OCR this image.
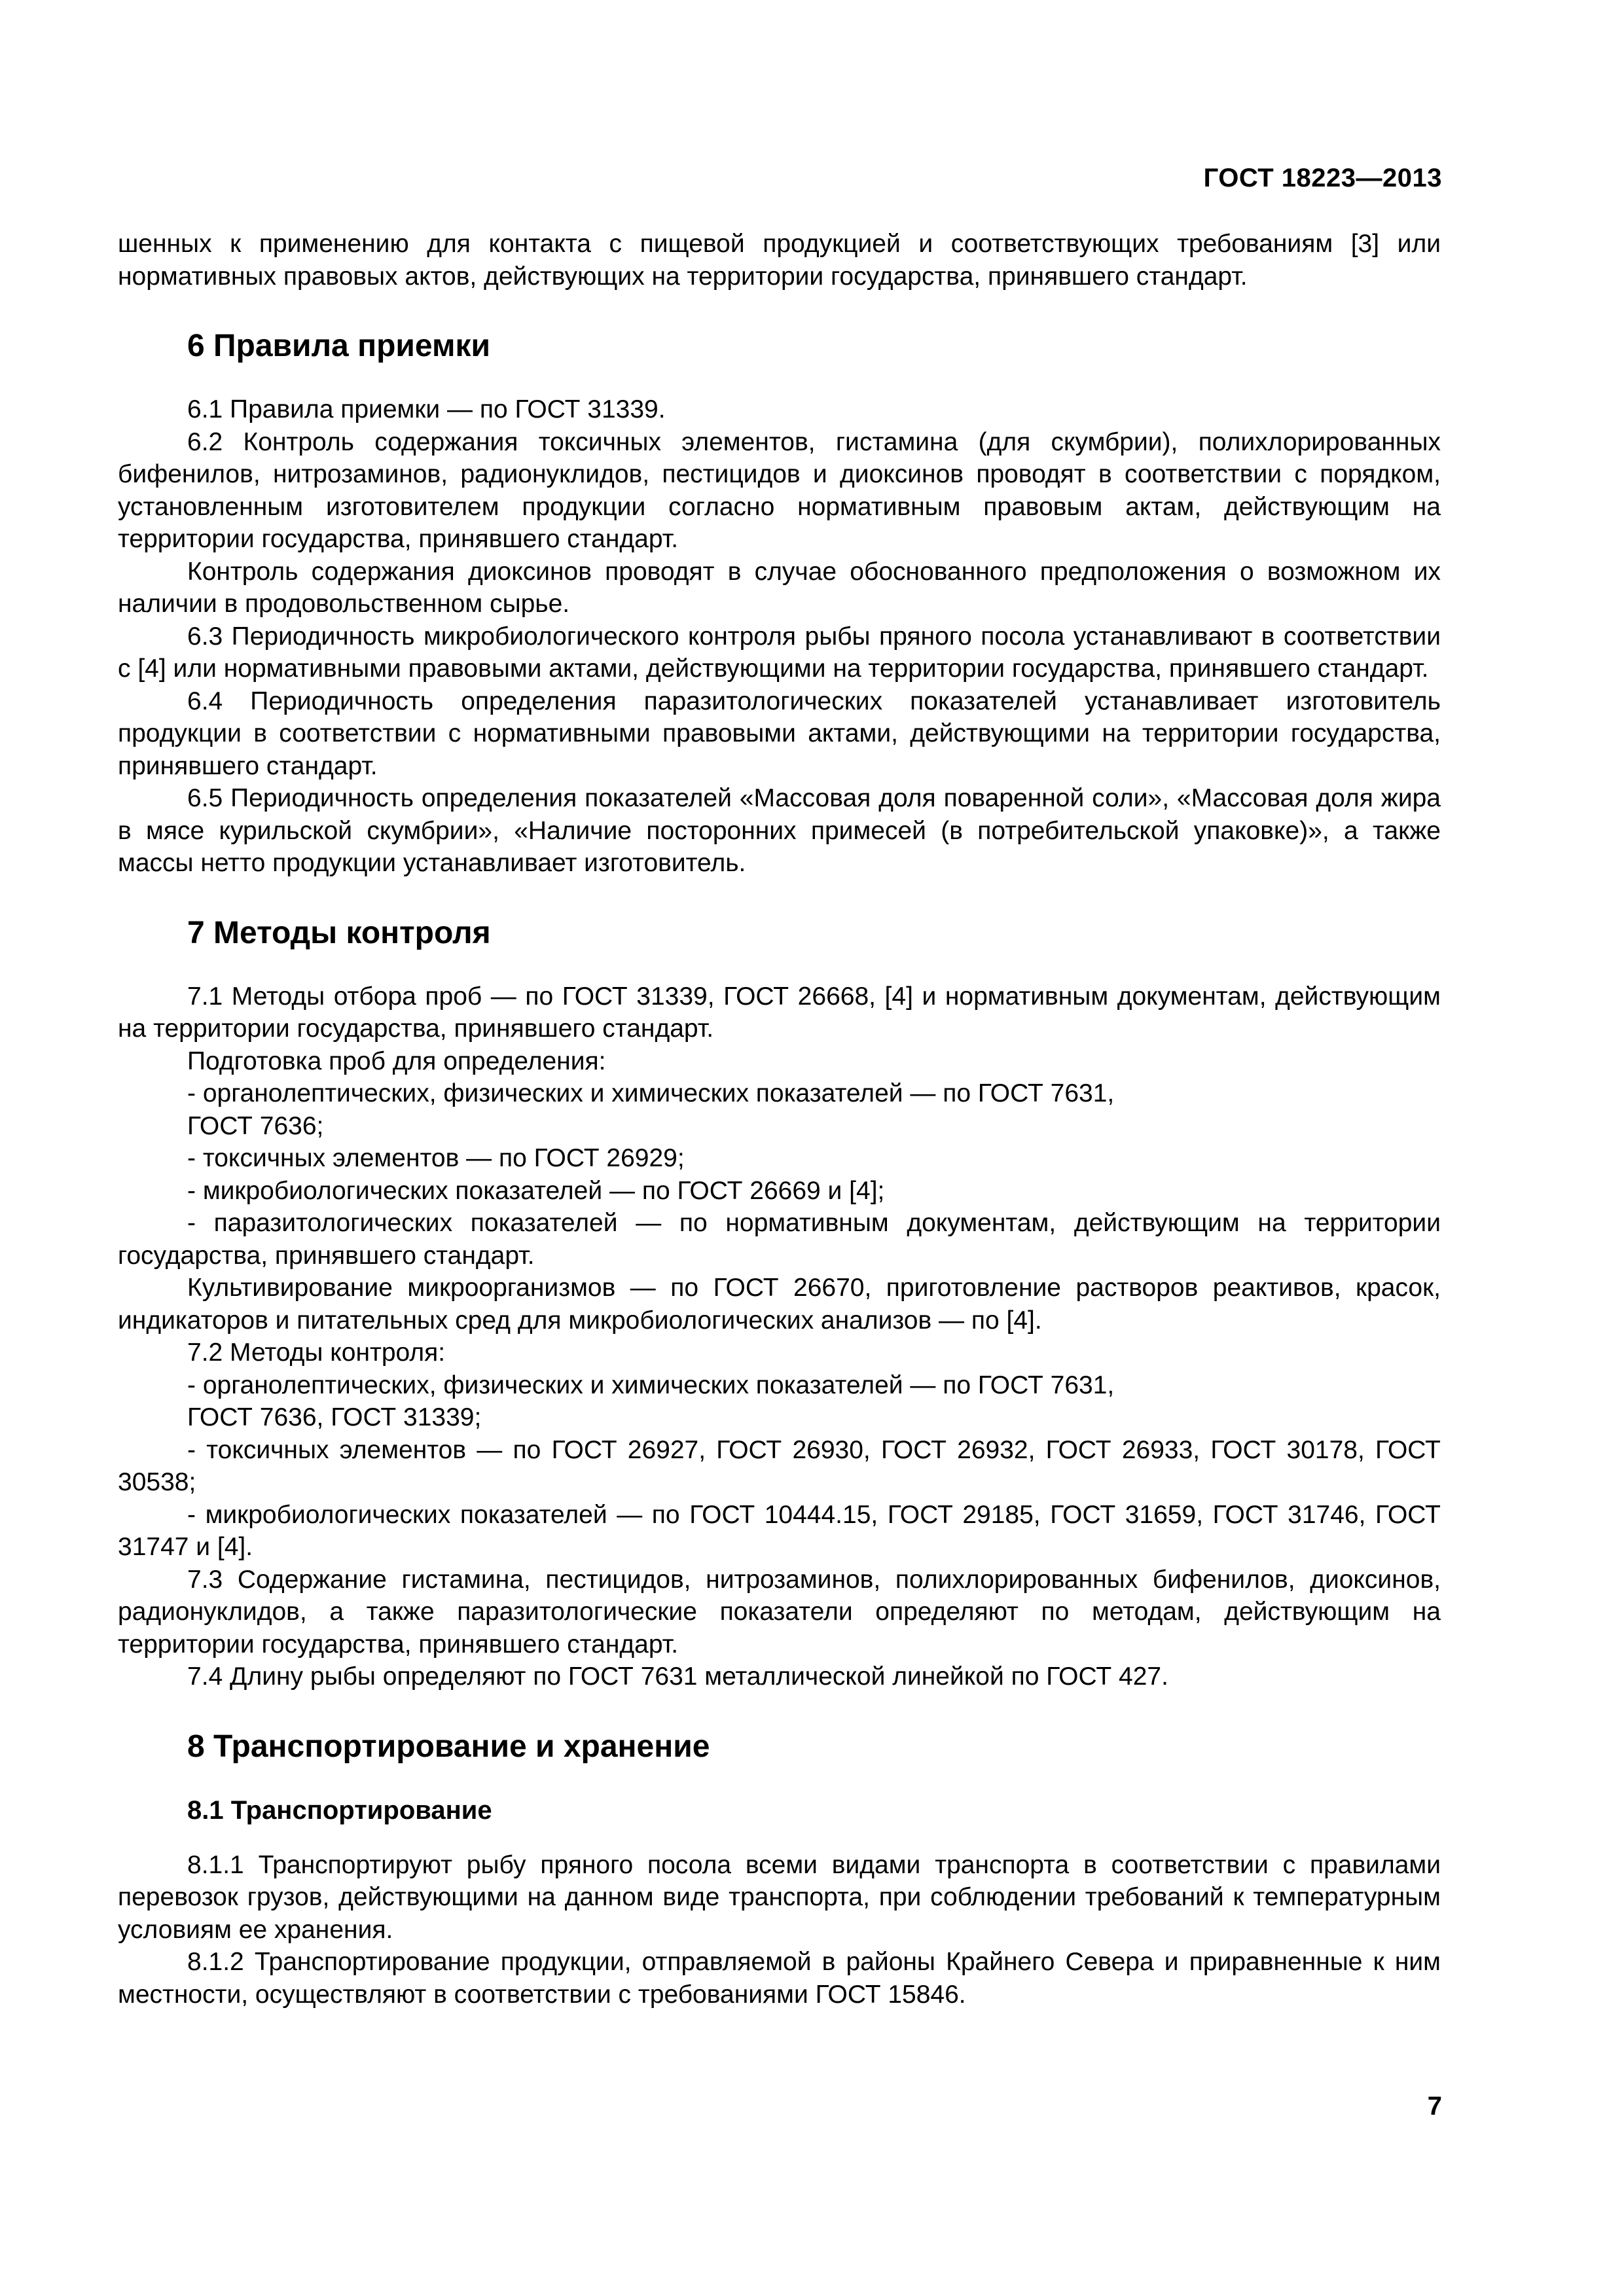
ГОСТ 18223—2013

шенных к применению для контакта с пищевой продукцией и соответствующих требованиям [3] или нормативных правовых актов, действующих на территории государства, принявшего стандарт.

6 Правила приемки

6.1 Правила приемки — по ГОСТ 31339.

6.2 Контроль содержания токсичных элементов, гистамина (для скумбрии), полихлорированных бифенилов, нитрозаминов, радионуклидов, пестицидов и диоксинов проводят в соответствии с порядком, установленным изготовителем продукции согласно нормативным правовым актам, действующим на территории государства, принявшего стандарт.

Контроль содержания диоксинов проводят в случае обоснованного предположения о возможном их наличии в продовольственном сырье.

6.3 Периодичность микробиологического контроля рыбы пряного посола устанавливают в соответствии с [4] или нормативными правовыми актами, действующими на территории государства, принявшего стандарт.

6.4 Периодичность определения паразитологических показателей устанавливает изготовитель продукции в соответствии с нормативными правовыми актами, действующими на территории государства, принявшего стандарт.

6.5 Периодичность определения показателей «Массовая доля поваренной соли», «Массовая доля жира в мясе курильской скумбрии», «Наличие посторонних примесей (в потребительской упаковке)», а также массы нетто продукции устанавливает изготовитель.

7 Методы контроля

7.1 Методы отбора проб — по ГОСТ 31339, ГОСТ 26668, [4] и нормативным документам, действующим на территории государства, принявшего стандарт.

Подготовка проб для определения:

- органолептических, физических и химических показателей — по ГОСТ 7631,

ГОСТ 7636;

- токсичных элементов — по ГОСТ 26929;

- микробиологических показателей — по ГОСТ 26669 и [4];

- паразитологических показателей — по нормативным документам, действующим на территории государства, принявшего стандарт.

Культивирование микроорганизмов — по ГОСТ 26670, приготовление растворов реактивов, красок, индикаторов и питательных сред для микробиологических анализов — по [4].

7.2 Методы контроля:

- органолептических, физических и химических показателей — по ГОСТ 7631,

ГОСТ 7636, ГОСТ 31339;

- токсичных элементов — по ГОСТ 26927, ГОСТ 26930, ГОСТ 26932, ГОСТ 26933, ГОСТ 30178, ГОСТ 30538;

- микробиологических показателей — по ГОСТ 10444.15, ГОСТ 29185, ГОСТ 31659, ГОСТ 31746, ГОСТ 31747 и [4].

7.3 Содержание гистамина, пестицидов, нитрозаминов, полихлорированных бифенилов, диоксинов, радионуклидов, а также паразитологические показатели определяют по методам, действующим на территории государства, принявшего стандарт.

7.4 Длину рыбы определяют по ГОСТ 7631 металлической линейкой по ГОСТ 427.

8 Транспортирование и хранение
8.1 Транспортирование

8.1.1 Транспортируют рыбу пряного посола всеми видами транспорта в соответствии с правилами перевозок грузов, действующими на данном виде транспорта, при соблюдении требований к температурным условиям ее хранения.

8.1.2 Транспортирование продукции, отправляемой в районы Крайнего Севера и приравненные к ним местности, осуществляют в соответствии с требованиями ГОСТ 15846.

7
